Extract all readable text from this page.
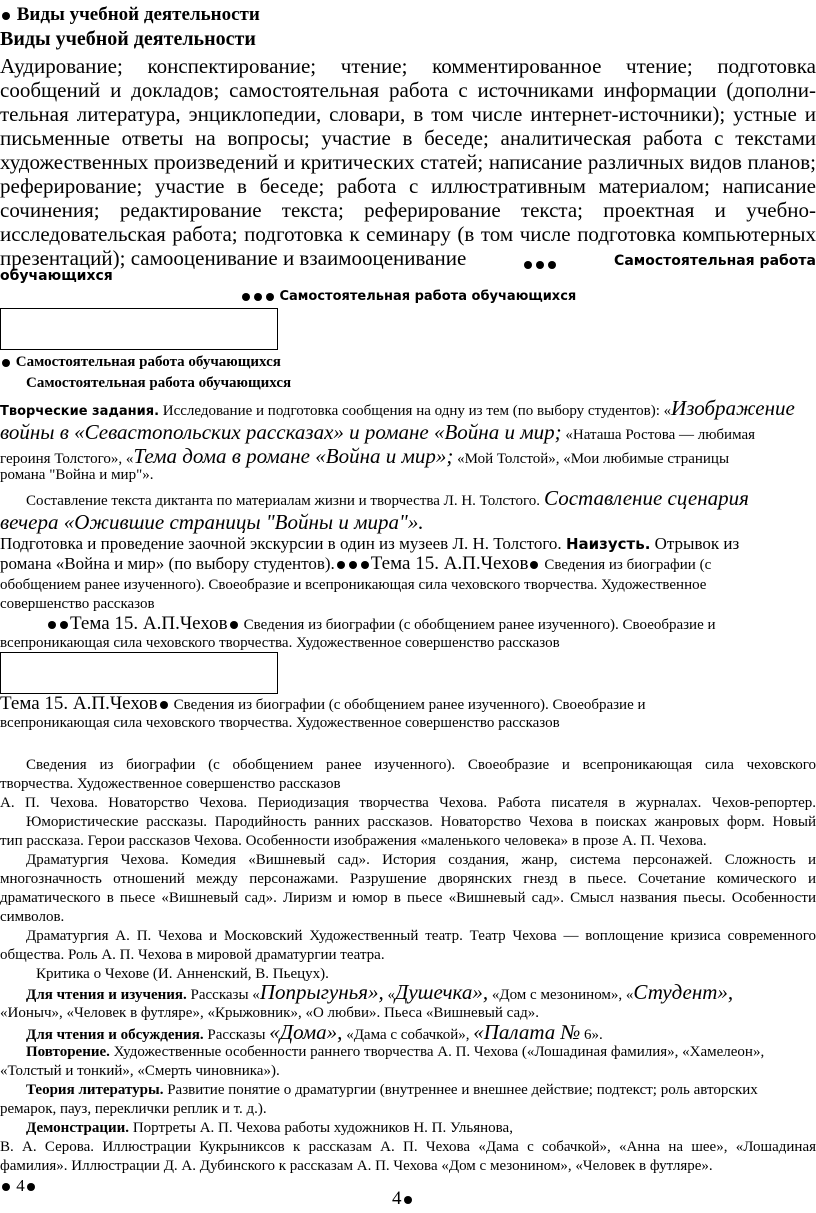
Виды учебной деятельности
Виды учебной деятельности
Аудирование; конспектирование; чтение; комментированное чтение; подготовка
сообщений и докладов; самостоятельная работа с источниками информации (дополни-
тельная литература, энциклопедии, словари, в том числе интернет-источники); устные и
письменные ответы на вопросы; участие в беседе; аналитическая работа с текстами
художественных произведений и критических статей; написание различных видов планов;
реферирование; участие в беседе; работа с иллюстративным материалом; написание
сочинения; редактирование текста; реферирование текста; проектная и учебно-
исследовательская работа; подготовка к семинару (в том числе подготовка компьютерных
презентаций); самооценивание и взаимооценивание
	Самостоятельная работа
обучающихся
Самостоятельная работа обучающихся
Самостоятельная работа обучающихся
Самостоятельная работа обучающихся
Творческие задания. Исследование и подготовка сообщения на одну из тем (по выбору студентов): «Изображение
войны в «Севастопольских рассказах» и романе «Война и мир; «Наташа Ростова — любимая
героиня Толстого», «Тема дома в романе «Война и мир»; «Мой Толстой», «Мои любимые страницы
романа "Война и мир"».
Составление текста диктанта по материалам жизни и творчества Л. Н. Толстого. Составление сценария
вечера «Ожившие страницы "Войны и мира"».
Подготовка и проведение заочной экскурсии в один из музеев Л. Н. Толстого. Наизусть. Отрывок из
романа «Война и мир» (по выбору студентов). Тема 15. А.П.Чехов Сведения из биографии (с
обобщением ранее изученного). Своеобразие и всепроникающая сила чеховского творчества. Художественное
совершенство рассказов
Тема 15. А.П.Чехов Сведения из биографии (с обобщением ранее изученного). Своеобразие и
всепроникающая сила чеховского творчества. Художественное совершенство рассказов
Тема 15. А.П.Чехов Сведения из биографии (с обобщением ранее изученного). Своеобразие и
всепроникающая сила чеховского творчества. Художественное совершенство рассказов
Сведения из биографии (с обобщением ранее изученного). Своеобразие и всепроникающая сила чеховского
творчества. Художественное совершенство рассказов
А. П. Чехова. Новаторство Чехова. Периодизация творчества Чехова. Работа писателя в журналах. Чехов-репортер.
Юмористические рассказы. Пародийность ранних рассказов. Новаторство Чехова в поисках жанровых форм. Новый
тип рассказа. Герои рассказов Чехова. Особенности изображения «маленького человека» в прозе А. П. Чехова.
Драматургия Чехова. Комедия «Вишневый сад». История создания, жанр, система персонажей. Сложность и
многозначность отношений между персонажами. Разрушение дворянских гнезд в пьесе. Сочетание комического и
драматического в пьесе «Вишневый сад». Лиризм и юмор в пьесе «Вишневый сад». Смысл названия пьесы. Особенности
символов.
Драматургия А. П. Чехова и Московский Художественный театр. Театр Чехова — воплощение кризиса современного
общества. Роль А. П. Чехова в мировой драматургии театра.
Критика о Чехове (И. Анненский, В. Пьецух).
Для чтения и изучения. Рассказы «Попрыгунья», «Душечка», «Дом с мезонином», «Студент»,
«Ионыч», «Человек в футляре», «Крыжовник», «О любви». Пьеса «Вишневый сад».
Для чтения и обсуждения. Рассказы «Дома», «Дама с собачкой», «Палата № 6».
Повторение. Художественные особенности раннего творчества А. П. Чехова («Лошадиная фамилия», «Хамелеон»,
«Толстый и тонкий», «Смерть чиновника»).
Теория литературы. Развитие понятие о драматургии (внутреннее и внешнее действие; подтекст; роль авторских
ремарок, пауз, переклички реплик и т. д.).
Демонстрации. Портреты А. П. Чехова работы художников Н. П. Ульянова,
В. А. Серова. Иллюстрации Кукрыниксов к рассказам А. П. Чехова «Дама с собачкой», «Анна на шее», «Лошадиная
фамилия». Иллюстрации Д. А. Дубинского к рассказам А. П. Чехова «Дом с мезонином», «Человек в футляре».
4
4
